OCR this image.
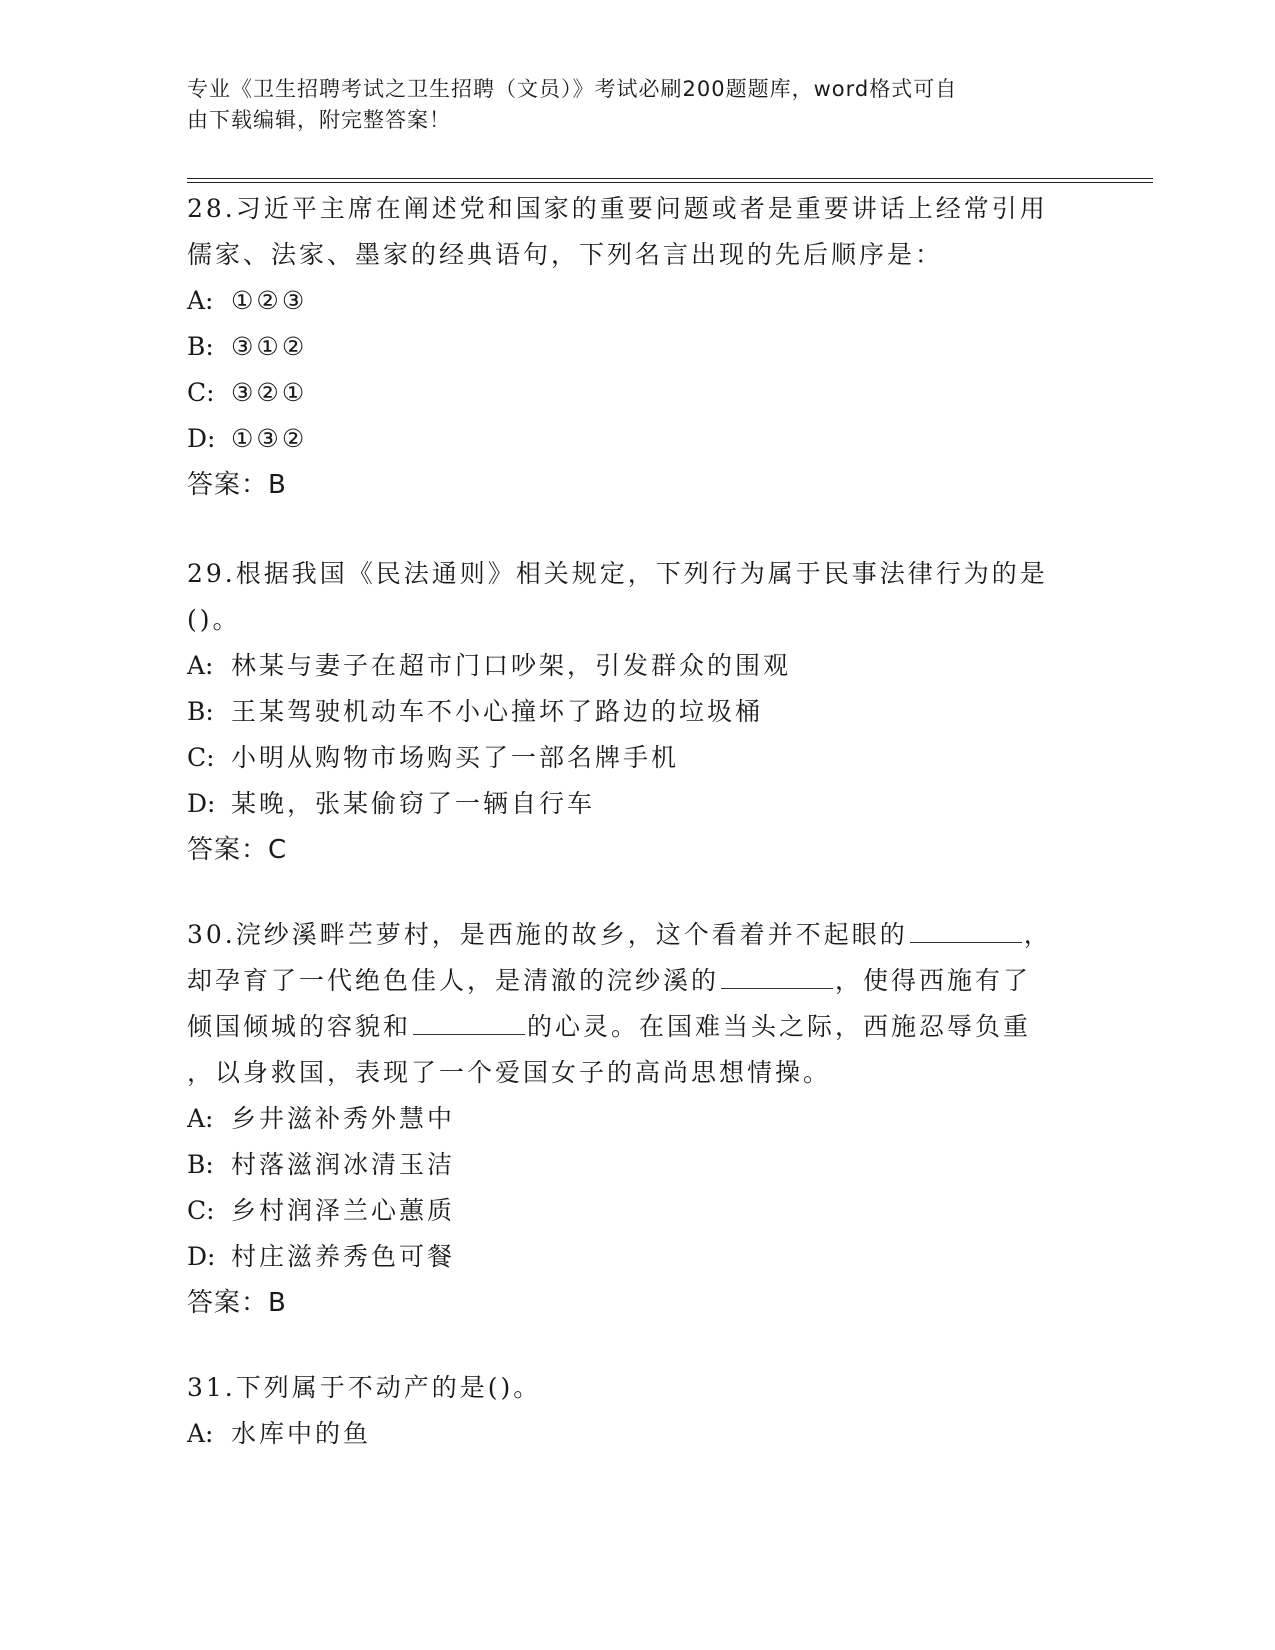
专业《卫生招聘考试之卫生招聘（文员）》考试必刷200题题库，word格式可自
由下载编辑，附完整答案！

28.习近平主席在阐述党和国家的重要问题或者是重要讲话上经常引用

儒家、法家、墨家的经典语句，下列名言出现的先后顺序是：

A: ①②③

B: ③①②

C: ③②①

D: ①③②

答案：B

29.根据我国《民法通则》相关规定，下列行为属于民事法律行为的是

()。

A: 林某与妻子在超市门口吵架，引发群众的围观

B: 王某驾驶机动车不小心撞坏了路边的垃圾桶

C: 小明从购物市场购买了一部名牌手机

D: 某晚，张某偷窃了一辆自行车

答案：C

30.浣纱溪畔苎萝村，是西施的故乡，这个看着并不起眼的	，

却孕育了一代绝色佳人，是清澈的浣纱溪的	，使得西施有了

倾国倾城的容貌和	的心灵。在国难当头之际，西施忍辱负重

，以身救国，表现了一个爱国女子的高尚思想情操。

A: 乡井滋补秀外慧中

B: 村落滋润冰清玉洁

C: 乡村润泽兰心蕙质

D: 村庄滋养秀色可餐

答案：B

31.下列属于不动产的是()。

A: 水库中的鱼
